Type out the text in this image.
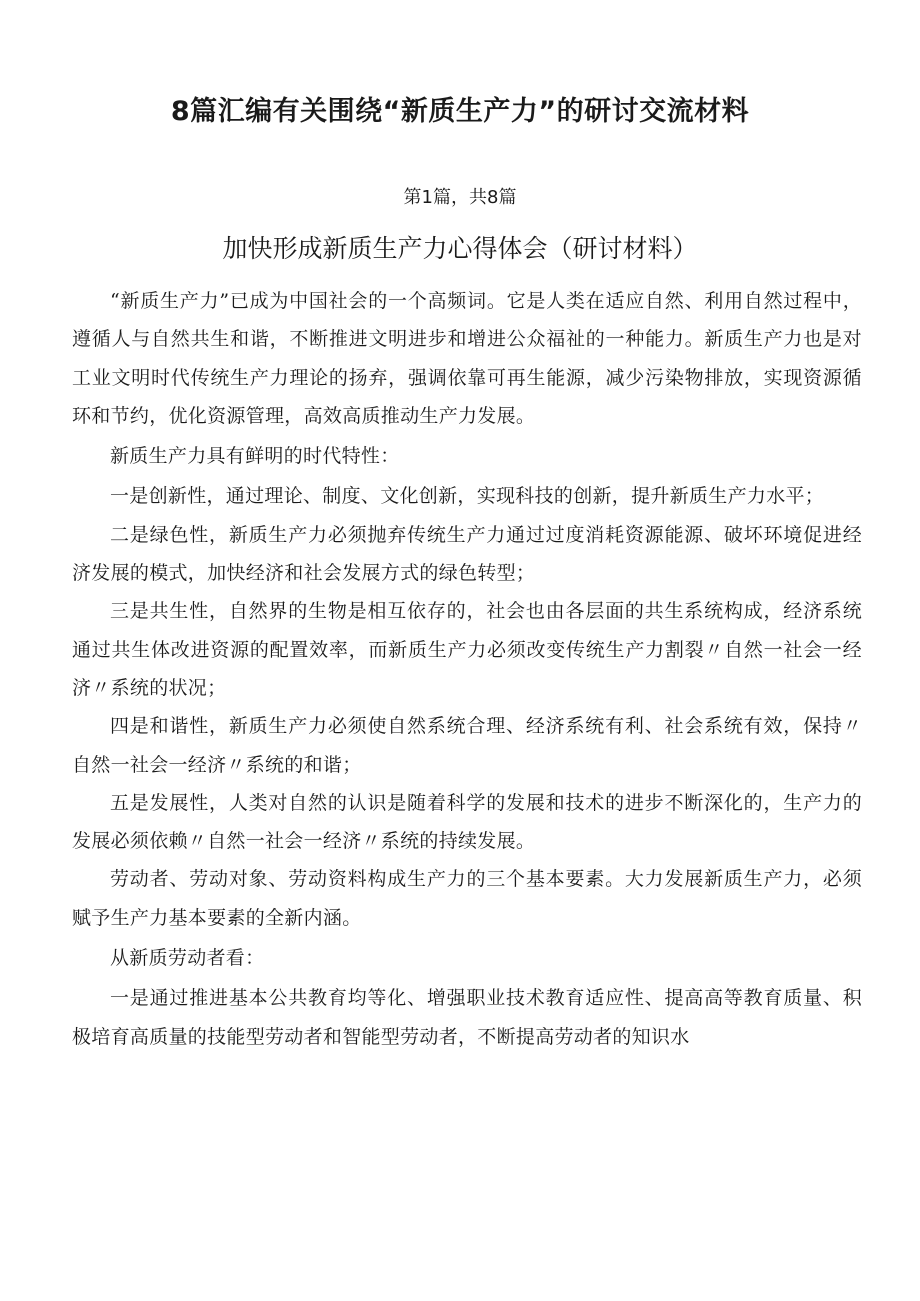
8篇汇编有关围绕“新质生产力”的研讨交流材料
第1篇，共8篇
加快形成新质生产力心得体会（研讨材料）

“新质生产力”已成为中国社会的一个高频词。它是人类在适应自然、利用自然过程中，遵循人与自然共生和谐，不断推进文明进步和增进公众福祉的一种能力。新质生产力也是对工业文明时代传统生产力理论的扬弃，强调依靠可再生能源，减少污染物排放，实现资源循环和节约，优化资源管理，高效高质推动生产力发展。

新质生产力具有鲜明的时代特性：

一是创新性，通过理论、制度、文化创新，实现科技的创新，提升新质生产力水平；

二是绿色性，新质生产力必须抛弃传统生产力通过过度消耗资源能源、破坏环境促进经济发展的模式，加快经济和社会发展方式的绿色转型；

三是共生性，自然界的生物是相互依存的，社会也由各层面的共生系统构成，经济系统通过共生体改进资源的配置效率，而新质生产力必须改变传统生产力割裂〃自然一社会一经济〃系统的状况；

四是和谐性，新质生产力必须使自然系统合理、经济系统有利、社会系统有效，保持〃自然一社会一经济〃系统的和谐；

五是发展性，人类对自然的认识是随着科学的发展和技术的进步不断深化的，生产力的发展必须依赖〃自然一社会一经济〃系统的持续发展。

劳动者、劳动对象、劳动资料构成生产力的三个基本要素。大力发展新质生产力，必须赋予生产力基本要素的全新内涵。

从新质劳动者看：

一是通过推进基本公共教育均等化、增强职业技术教育适应性、提高高等教育质量、积极培育高质量的技能型劳动者和智能型劳动者，不断提高劳动者的知识水
